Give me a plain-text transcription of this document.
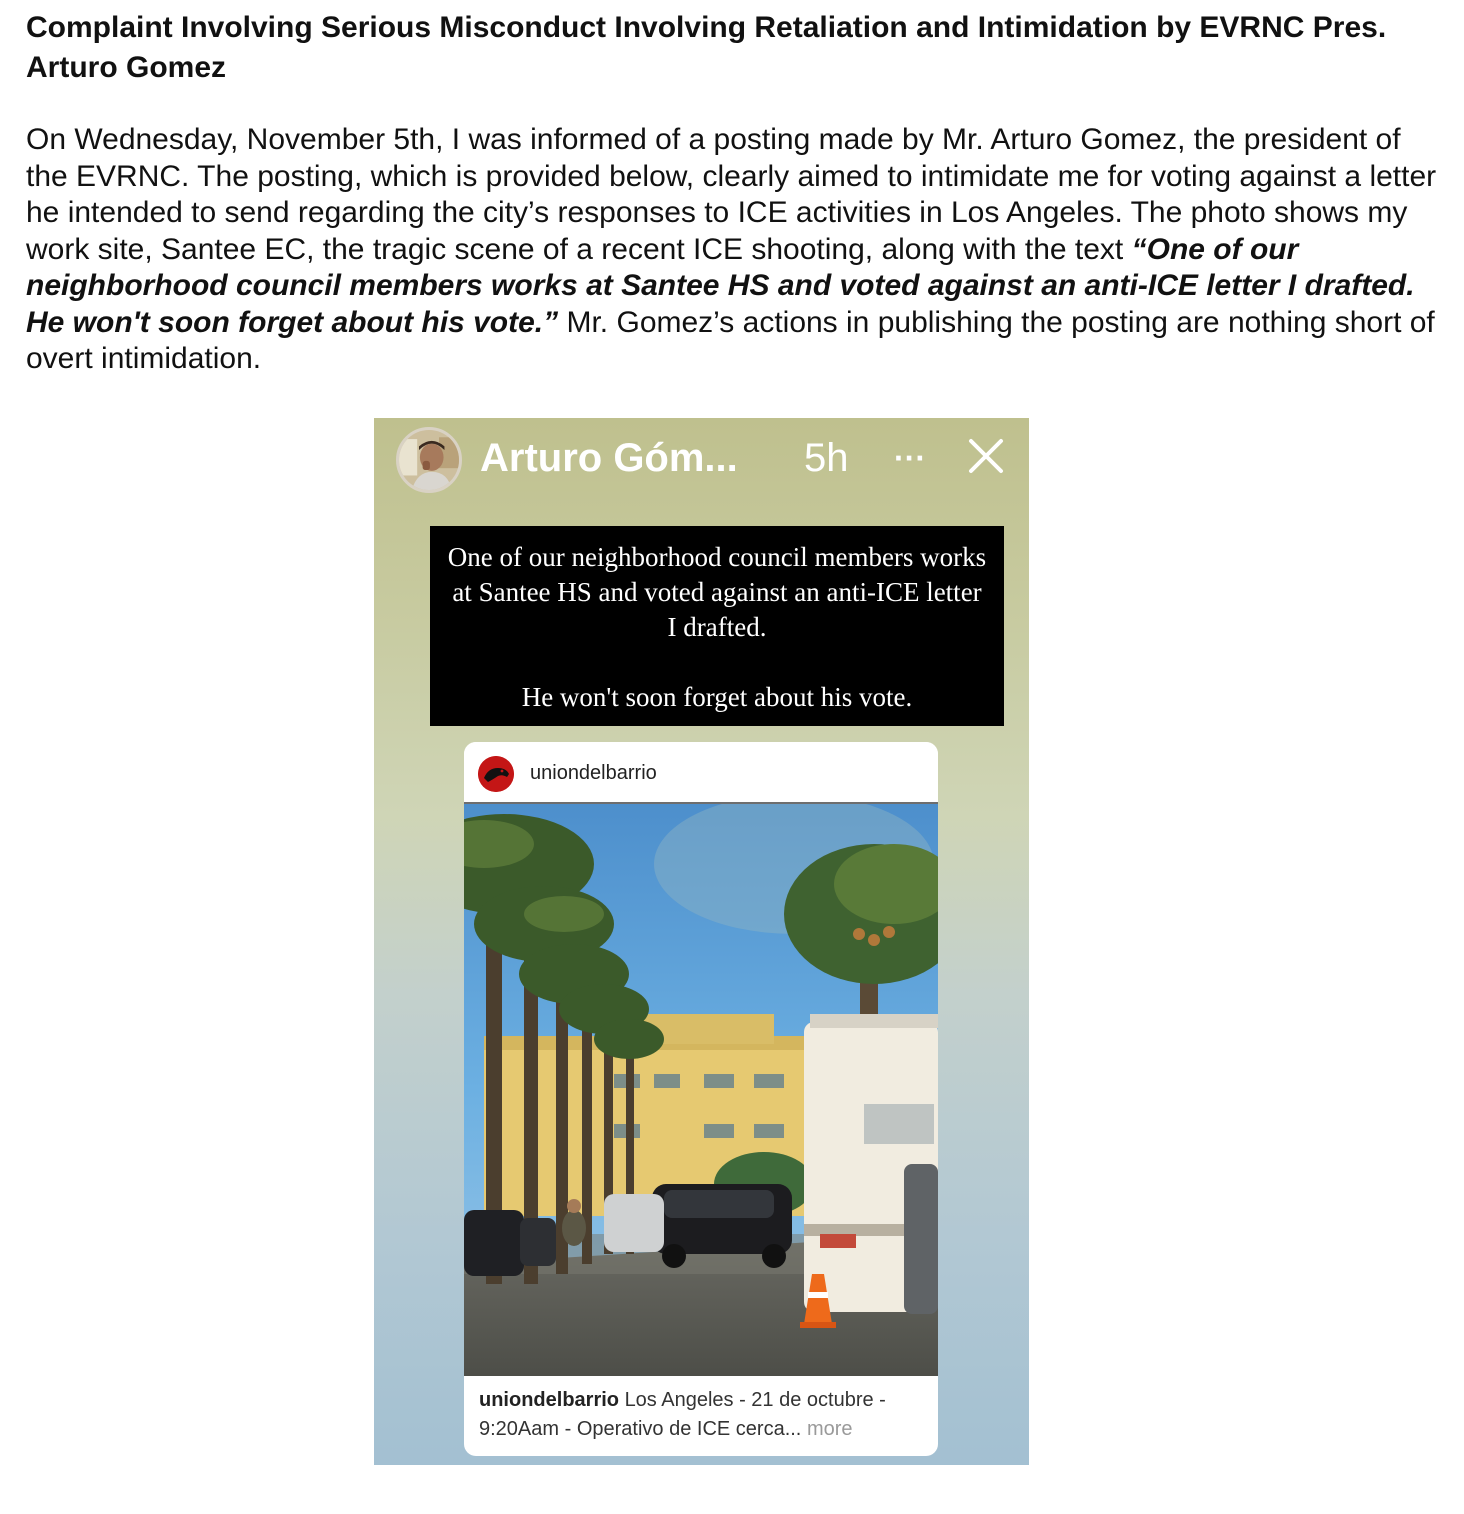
Complaint Involving Serious Misconduct Involving Retaliation and Intimidation by EVRNC Pres. Arturo Gomez

On Wednesday, November 5th, I was informed of a posting made by Mr. Arturo Gomez, the president of the EVRNC. The posting, which is provided below, clearly aimed to intimidate me for voting against a letter he intended to send regarding the city’s responses to ICE activities in Los Angeles. The photo shows my work site, Santee EC, the tragic scene of a recent ICE shooting, along with the text “One of our neighborhood council members works at Santee HS and voted against an anti-ICE letter I drafted. He won't soon forget about his vote.” Mr. Gomez’s actions in publishing the posting are nothing short of overt intimidation.

Arturo Góm... 5h ···
One of our neighborhood council members works at Santee HS and voted against an anti-ICE letter I drafted.
He won't soon forget about his vote.
uniondelbarrio
uniondelbarrio Los Angeles - 21 de octubre - 9:20Aam - Operativo de ICE cerca... more
